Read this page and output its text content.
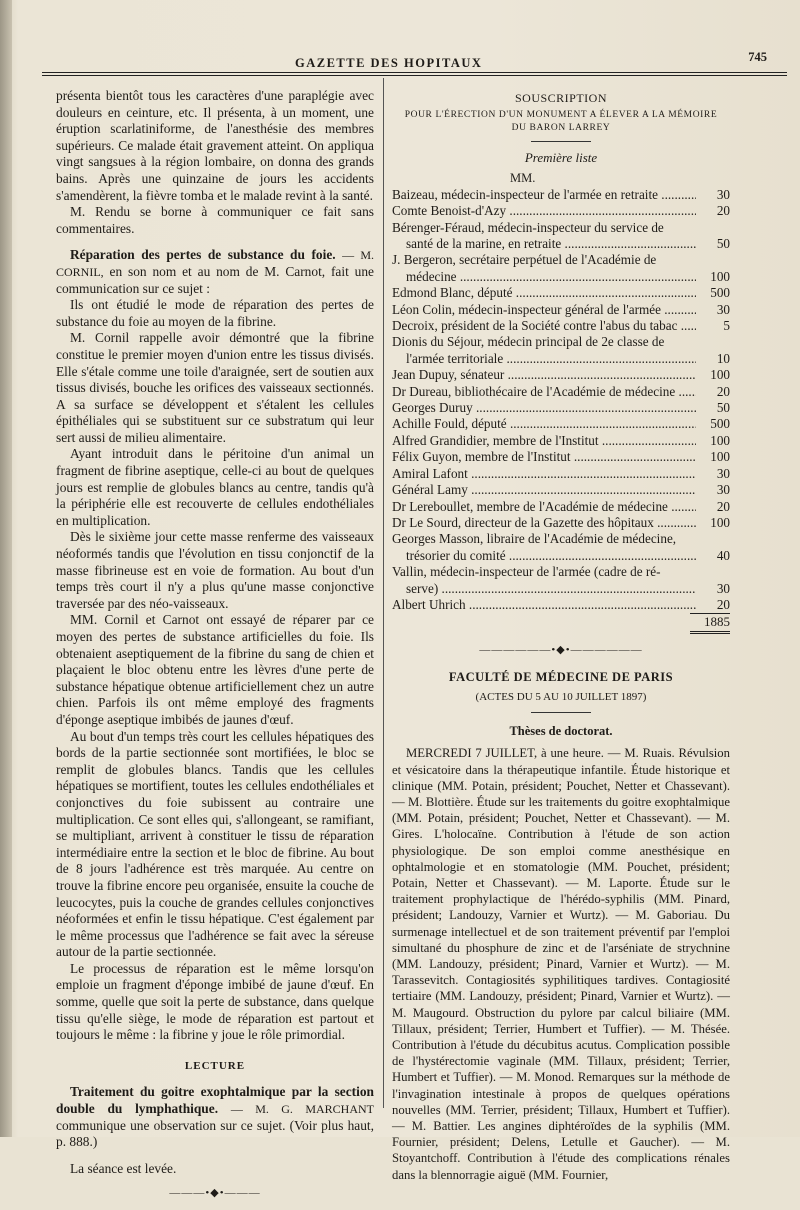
GAZETTE DES HOPITAUX	745

présenta bientôt tous les caractères d'une paraplégie avec douleurs en ceinture, etc. Il présenta, à un moment, une éruption scarlatiniforme, de l'anesthésie des membres supérieurs. Ce malade était gravement atteint. On appliqua vingt sangsues à la région lombaire, on donna des grands bains. Après une quinzaine de jours les accidents s'amendèrent, la fièvre tomba et le malade revint à la santé.

M. Rendu se borne à communiquer ce fait sans commentaires.

Réparation des pertes de substance du foie. — M. CORNIL, en son nom et au nom de M. Carnot, fait une communication sur ce sujet :

Ils ont étudié le mode de réparation des pertes de substance du foie au moyen de la fibrine.

M. Cornil rappelle avoir démontré que la fibrine constitue le premier moyen d'union entre les tissus divisés. Elle s'étale comme une toile d'araignée, sert de soutien aux tissus divisés, bouche les orifices des vaisseaux sectionnés. A sa surface se développent et s'étalent les cellules épithéliales qui se substituent sur ce substratum qui leur sert aussi de milieu alimentaire.

Ayant introduit dans le péritoine d'un animal un fragment de fibrine aseptique, celle-ci au bout de quelques jours est remplie de globules blancs au centre, tandis qu'à la périphérie elle est recouverte de cellules endothéliales en multiplication.

Dès le sixième jour cette masse renferme des vaisseaux néoformés tandis que l'évolution en tissu conjonctif de la masse fibrineuse est en voie de formation. Au bout d'un temps très court il n'y a plus qu'une masse conjonctive traversée par des néo-vaisseaux.

MM. Cornil et Carnot ont essayé de réparer par ce moyen des pertes de substance artificielles du foie. Ils obtenaient aseptiquement de la fibrine du sang de chien et plaçaient le bloc obtenu entre les lèvres d'une perte de substance hépatique obtenue artificiellement chez un autre chien. Parfois ils ont même employé des fragments d'éponge aseptique imbibés de jaunes d'œuf.

Au bout d'un temps très court les cellules hépatiques des bords de la partie sectionnée sont mortifiées, le bloc se remplit de globules blancs. Tandis que les cellules hépatiques se mortifient, toutes les cellules endothéliales et conjonctives du foie subissent au contraire une multiplication. Ce sont elles qui, s'allongeant, se ramifiant, se multipliant, arrivent à constituer le tissu de réparation intermédiaire entre la section et le bloc de fibrine. Au bout de 8 jours l'adhérence est très marquée. Au centre on trouve la fibrine encore peu organisée, ensuite la couche de leucocytes, puis la couche de grandes cellules conjonctives néoformées et enfin le tissu hépatique. C'est également par le même processus que l'adhérence se fait avec la séreuse autour de la partie sectionnée.

Le processus de réparation est le même lorsqu'on emploie un fragment d'éponge imbibé de jaune d'œuf. En somme, quelle que soit la perte de substance, dans quelque tissu qu'elle siège, le mode de réparation est partout et toujours le même : la fibrine y joue le rôle primordial.

LECTURE

Traitement du goitre exophtalmique par la section double du lymphathique. — M. G. MARCHANT communique une observation sur ce sujet. (Voir plus haut, p. 888.)

La séance est levée.

———•◆•———
SOUSCRIPTION
POUR L'ÉRECTION D'UN MONUMENT A ÉLEVER A LA MÉMOIRE
DU BARON LARREY
Première liste
MM.
Baizeau, médecin-inspecteur de l'armée en retraite .....	30
Comte Benoist-d'Azy .....	20
Bérenger-Féraud, médecin-inspecteur du service de
santé de la marine, en retraite .....	50
J. Bergeron, secrétaire perpétuel de l'Académie de
médecine .....	100
Edmond Blanc, député .....	500
Léon Colin, médecin-inspecteur général de l'armée .....	30
Decroix, président de la Société contre l'abus du tabac .....	5
Dionis du Séjour, médecin principal de 2e classe de
l'armée territoriale .....	10
Jean Dupuy, sénateur .....	100
Dr Dureau, bibliothécaire de l'Académie de médecine .....	20
Georges Duruy .....	50
Achille Fould, député .....	500
Alfred Grandidier, membre de l'Institut .....	100
Félix Guyon, membre de l'Institut .....	100
Amiral Lafont .....	30
Général Lamy .....	30
Dr Lereboullet, membre de l'Académie de médecine .....	20
Dr Le Sourd, directeur de la Gazette des hôpitaux .....	100
Georges Masson, libraire de l'Académie de médecine,
trésorier du comité .....	40
Vallin, médecin-inspecteur de l'armée (cadre de ré-
serve) .....	30
Albert Uhrich .....	20
1885
——————•◆•——————
FACULTÉ DE MÉDECINE DE PARIS
(ACTES DU 5 AU 10 JUILLET 1897)
Thèses de doctorat.

MERCREDI 7 JUILLET, à une heure. — M. Ruais. Révulsion et vésicatoire dans la thérapeutique infantile. Étude historique et clinique (MM. Potain, président; Pouchet, Netter et Chassevant). — M. Blottière. Étude sur les traitements du goitre exophtalmique (MM. Potain, président; Pouchet, Netter et Chassevant). — M. Gires. L'holocaïne. Contribution à l'étude de son action physiologique. De son emploi comme anesthésique en ophtalmologie et en stomatologie (MM. Pouchet, président; Potain, Netter et Chassevant). — M. Laporte. Étude sur le traitement prophylactique de l'hérédo-syphilis (MM. Pinard, président; Landouzy, Varnier et Wurtz). — M. Gaboriau. Du surmenage intellectuel et de son traitement préventif par l'emploi simultané du phosphure de zinc et de l'arséniate de strychnine (MM. Landouzy, président; Pinard, Varnier et Wurtz). — M. Tarassevitch. Contagiosités syphilitiques tardives. Contagiosité tertiaire (MM. Landouzy, président; Pinard, Varnier et Wurtz). — M. Maugourd. Obstruction du pylore par calcul biliaire (MM. Tillaux, président; Terrier, Humbert et Tuffier). — M. Thésée. Contribution à l'étude du décubitus acutus. Complication possible de l'hystérectomie vaginale (MM. Tillaux, président; Terrier, Humbert et Tuffier). — M. Monod. Remarques sur la méthode de l'invagination intestinale à propos de quelques opérations nouvelles (MM. Terrier, président; Tillaux, Humbert et Tuffier). — M. Battier. Les angines diphtéroïdes de la syphilis (MM. Fournier, président; Delens, Letulle et Gaucher). — M. Stoyantchoff. Contribution à l'étude des complications rénales dans la blennorragie aiguë (MM. Fournier,
